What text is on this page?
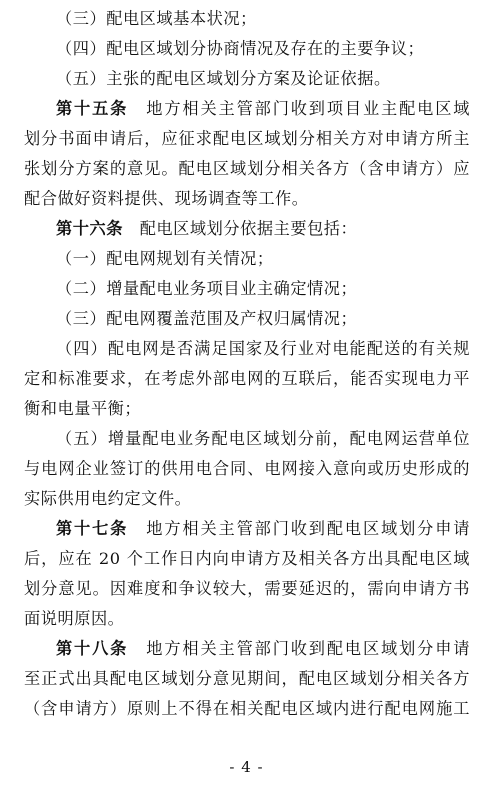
（三）配电区域基本状况；
（四）配电区域划分协商情况及存在的主要争议；
（五）主张的配电区域划分方案及论证依据。
第十五条　地方相关主管部门收到项目业主配电区域
划分书面申请后，应征求配电区域划分相关方对申请方所主
张划分方案的意见。配电区域划分相关各方（含申请方）应
配合做好资料提供、现场调查等工作。
第十六条　配电区域划分依据主要包括：
（一）配电网规划有关情况；
（二）增量配电业务项目业主确定情况；
（三）配电网覆盖范围及产权归属情况；
（四）配电网是否满足国家及行业对电能配送的有关规
定和标准要求，在考虑外部电网的互联后，能否实现电力平
衡和电量平衡；
（五）增量配电业务配电区域划分前，配电网运营单位
与电网企业签订的供用电合同、电网接入意向或历史形成的
实际供用电约定文件。
第十七条　地方相关主管部门收到配电区域划分申请
后，应在 20 个工作日内向申请方及相关各方出具配电区域
划分意见。因难度和争议较大，需要延迟的，需向申请方书
面说明原因。
第十八条　地方相关主管部门收到配电区域划分申请
至正式出具配电区域划分意见期间，配电区域划分相关各方
（含申请方）原则上不得在相关配电区域内进行配电网施工
- 4 -
